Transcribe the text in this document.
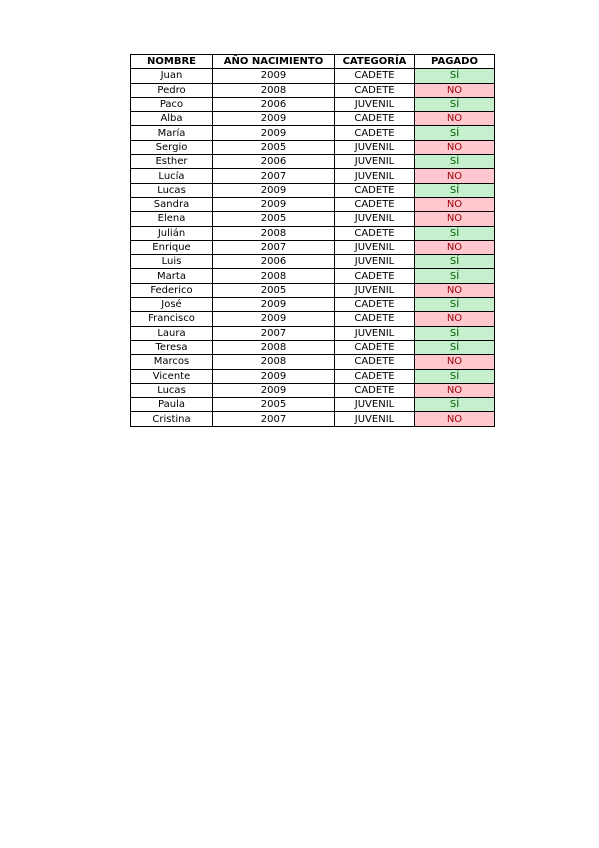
NOMBRE	AÑO NACIMIENTO	CATEGORÍA	PAGADO
Juan	2009	CADETE	SÍ
Pedro	2008	CADETE	NO
Paco	2006	JUVENIL	SÍ
Alba	2009	CADETE	NO
María	2009	CADETE	SÍ
Sergio	2005	JUVENIL	NO
Esther	2006	JUVENIL	SÍ
Lucía	2007	JUVENIL	NO
Lucas	2009	CADETE	SÍ
Sandra	2009	CADETE	NO
Elena	2005	JUVENIL	NO
Julián	2008	CADETE	SÍ
Enrique	2007	JUVENIL	NO
Luis	2006	JUVENIL	SÍ
Marta	2008	CADETE	SÍ
Federico	2005	JUVENIL	NO
José	2009	CADETE	SÍ
Francisco	2009	CADETE	NO
Laura	2007	JUVENIL	SÍ
Teresa	2008	CADETE	SÍ
Marcos	2008	CADETE	NO
Vicente	2009	CADETE	SÍ
Lucas	2009	CADETE	NO
Paula	2005	JUVENIL	SÍ
Cristina	2007	JUVENIL	NO
